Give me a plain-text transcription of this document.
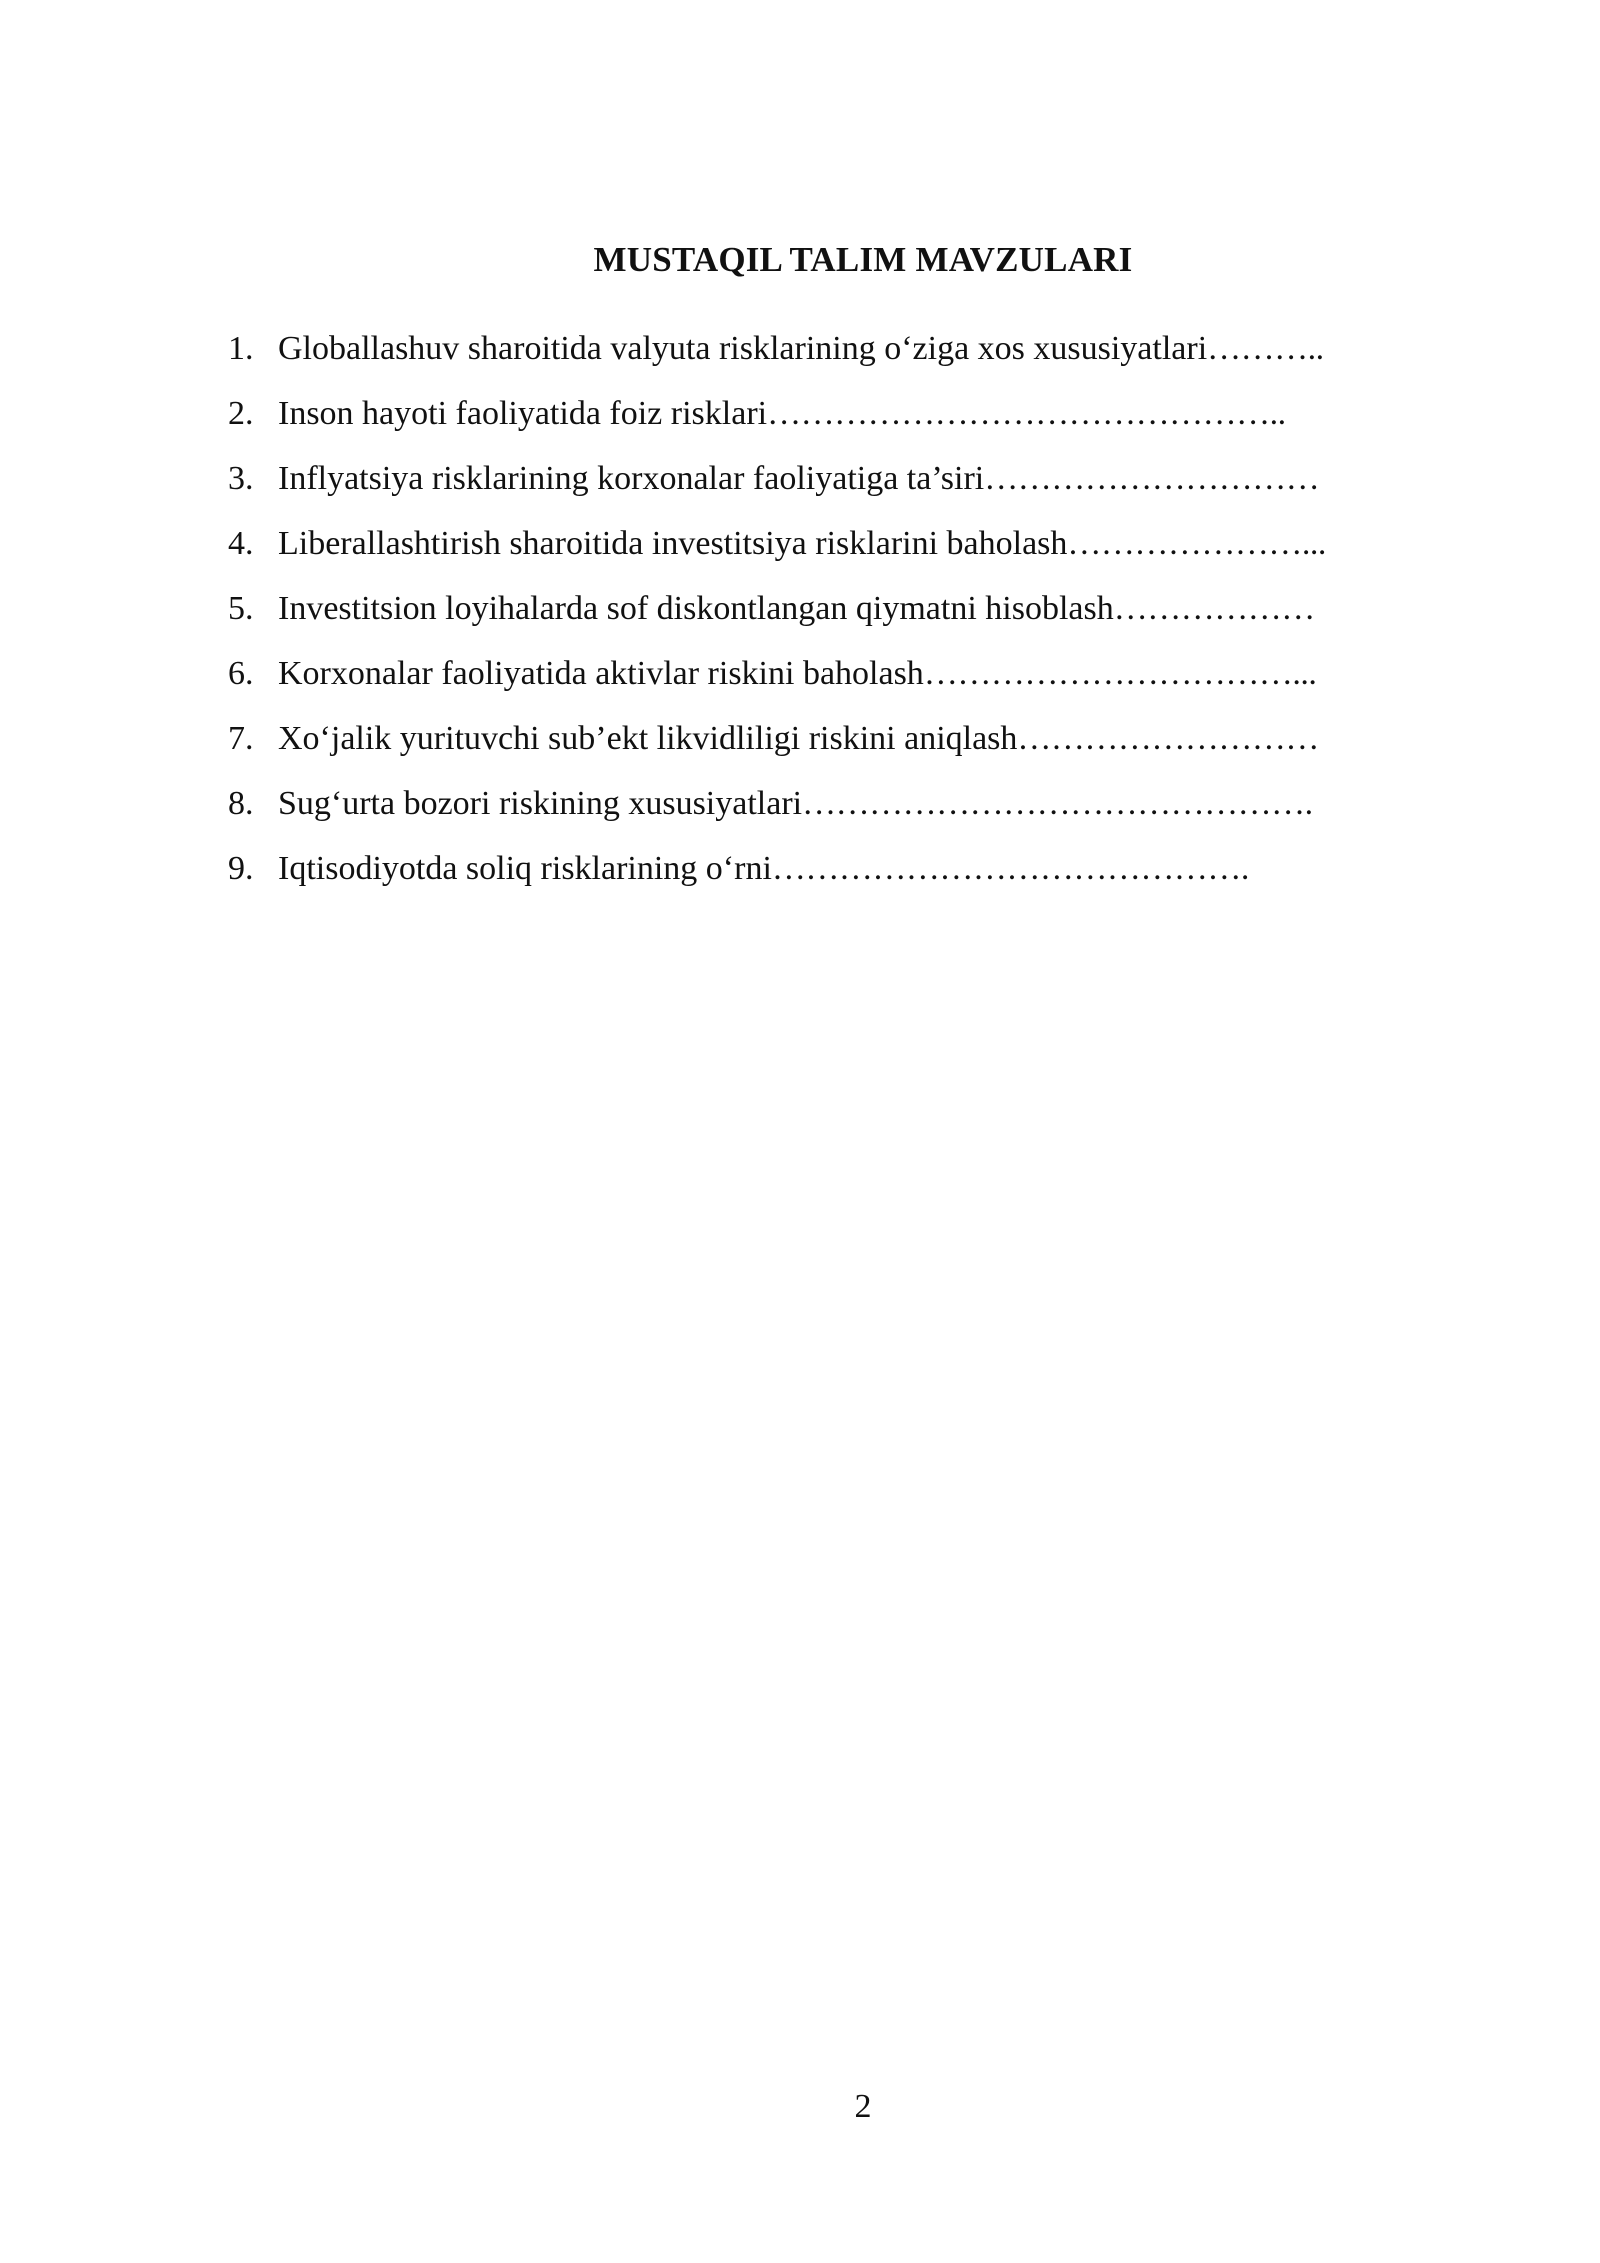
MUSTAQIL TALIM MAVZULARI
1. Globallashuv sharoitida valyuta risklarining o‘ziga xos xususiyatlari ………..
2. Inson hayoti faoliyatida foiz risklari ………………………………………..
3. Inflyatsiya risklarining korxonalar faoliyatiga ta’siri …………………………
4. Liberallashtirish sharoitida investitsiya risklarini baholash …………………...
5. Investitsion loyihalarda sof diskontlangan qiymatni hisoblash ………………
6. Korxonalar faoliyatida aktivlar riskini baholash ……………………………...
7. Xo‘jalik yurituvchi sub’ekt likvidliligi riskini aniqlash ………………………
8. Sug‘urta bozori riskining xususiyatlari ……………………………………….
9. Iqtisodiyotda soliq risklarining o‘rni …………………………………….
2
